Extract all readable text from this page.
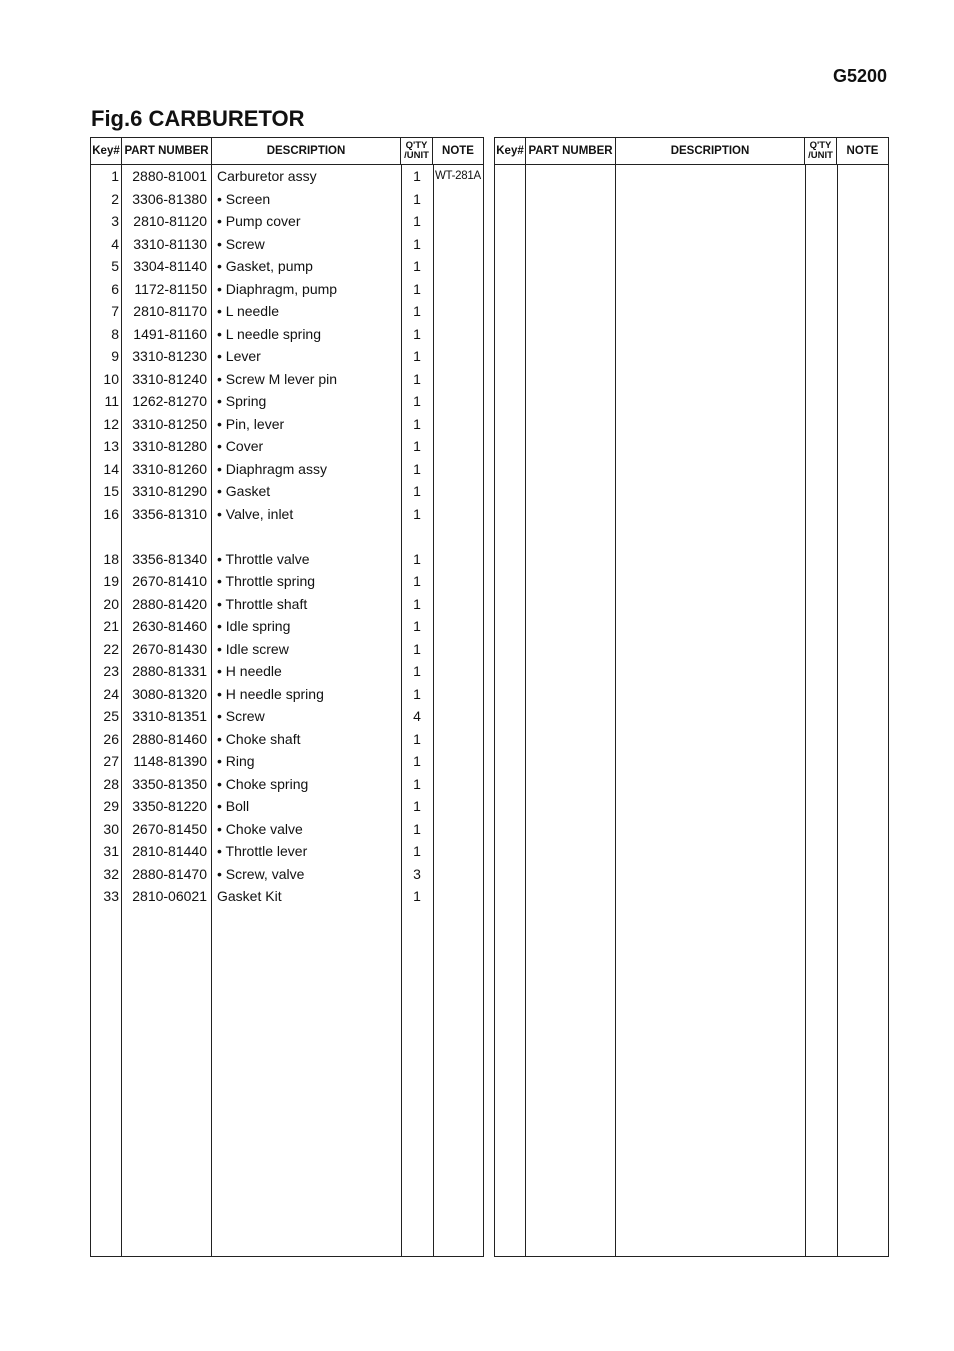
G5200
Fig.6 CARBURETOR
Key# PART NUMBER	DESCRIPTION	Q'TY
/UNIT	NOTE
1 2880-81001 Carburetor assy	1	WT-281A
2 3306-81380 • Screen	1
3	2810-81120 • Pump cover	1
4	3310-81130 • Screw	1
5	3304-81140 • Gasket, pump	1
6	1172-81150 • Diaphragm, pump	1
7	2810-81170 • L needle	1
8	1491-81160 • L needle spring	1
9 3310-81230 • Lever	1
10 3310-81240 • Screw M lever pin	1
11 1262-81270 • Spring	1
12 3310-81250 • Pin, lever	1
13 3310-81280 • Cover	1
14 3310-81260 • Diaphragm assy	1
15 3310-81290 • Gasket	1
16 3356-81310 • Valve, inlet	1
18 3356-81340 • Throttle valve	1
19 2670-81410 • Throttle spring	1
20 2880-81420 • Throttle shaft	1
21 2630-81460 • Idle spring	1
22 2670-81430 • Idle screw	1
23 2880-81331 • H needle	1
24 3080-81320 • H needle spring	1
25 3310-81351 • Screw	4
26 2880-81460 • Choke shaft	1
27	1148-81390 • Ring	1
28 3350-81350 • Choke spring	1
29 3350-81220 • Boll	1
30 2670-81450 • Choke valve	1
31 2810-81440 • Throttle lever	1
32 2880-81470 • Screw, valve	3
33 2810-06021 Gasket Kit	1
Key# PART NUMBER	DESCRIPTION	Q'TY
/UNIT	NOTE
